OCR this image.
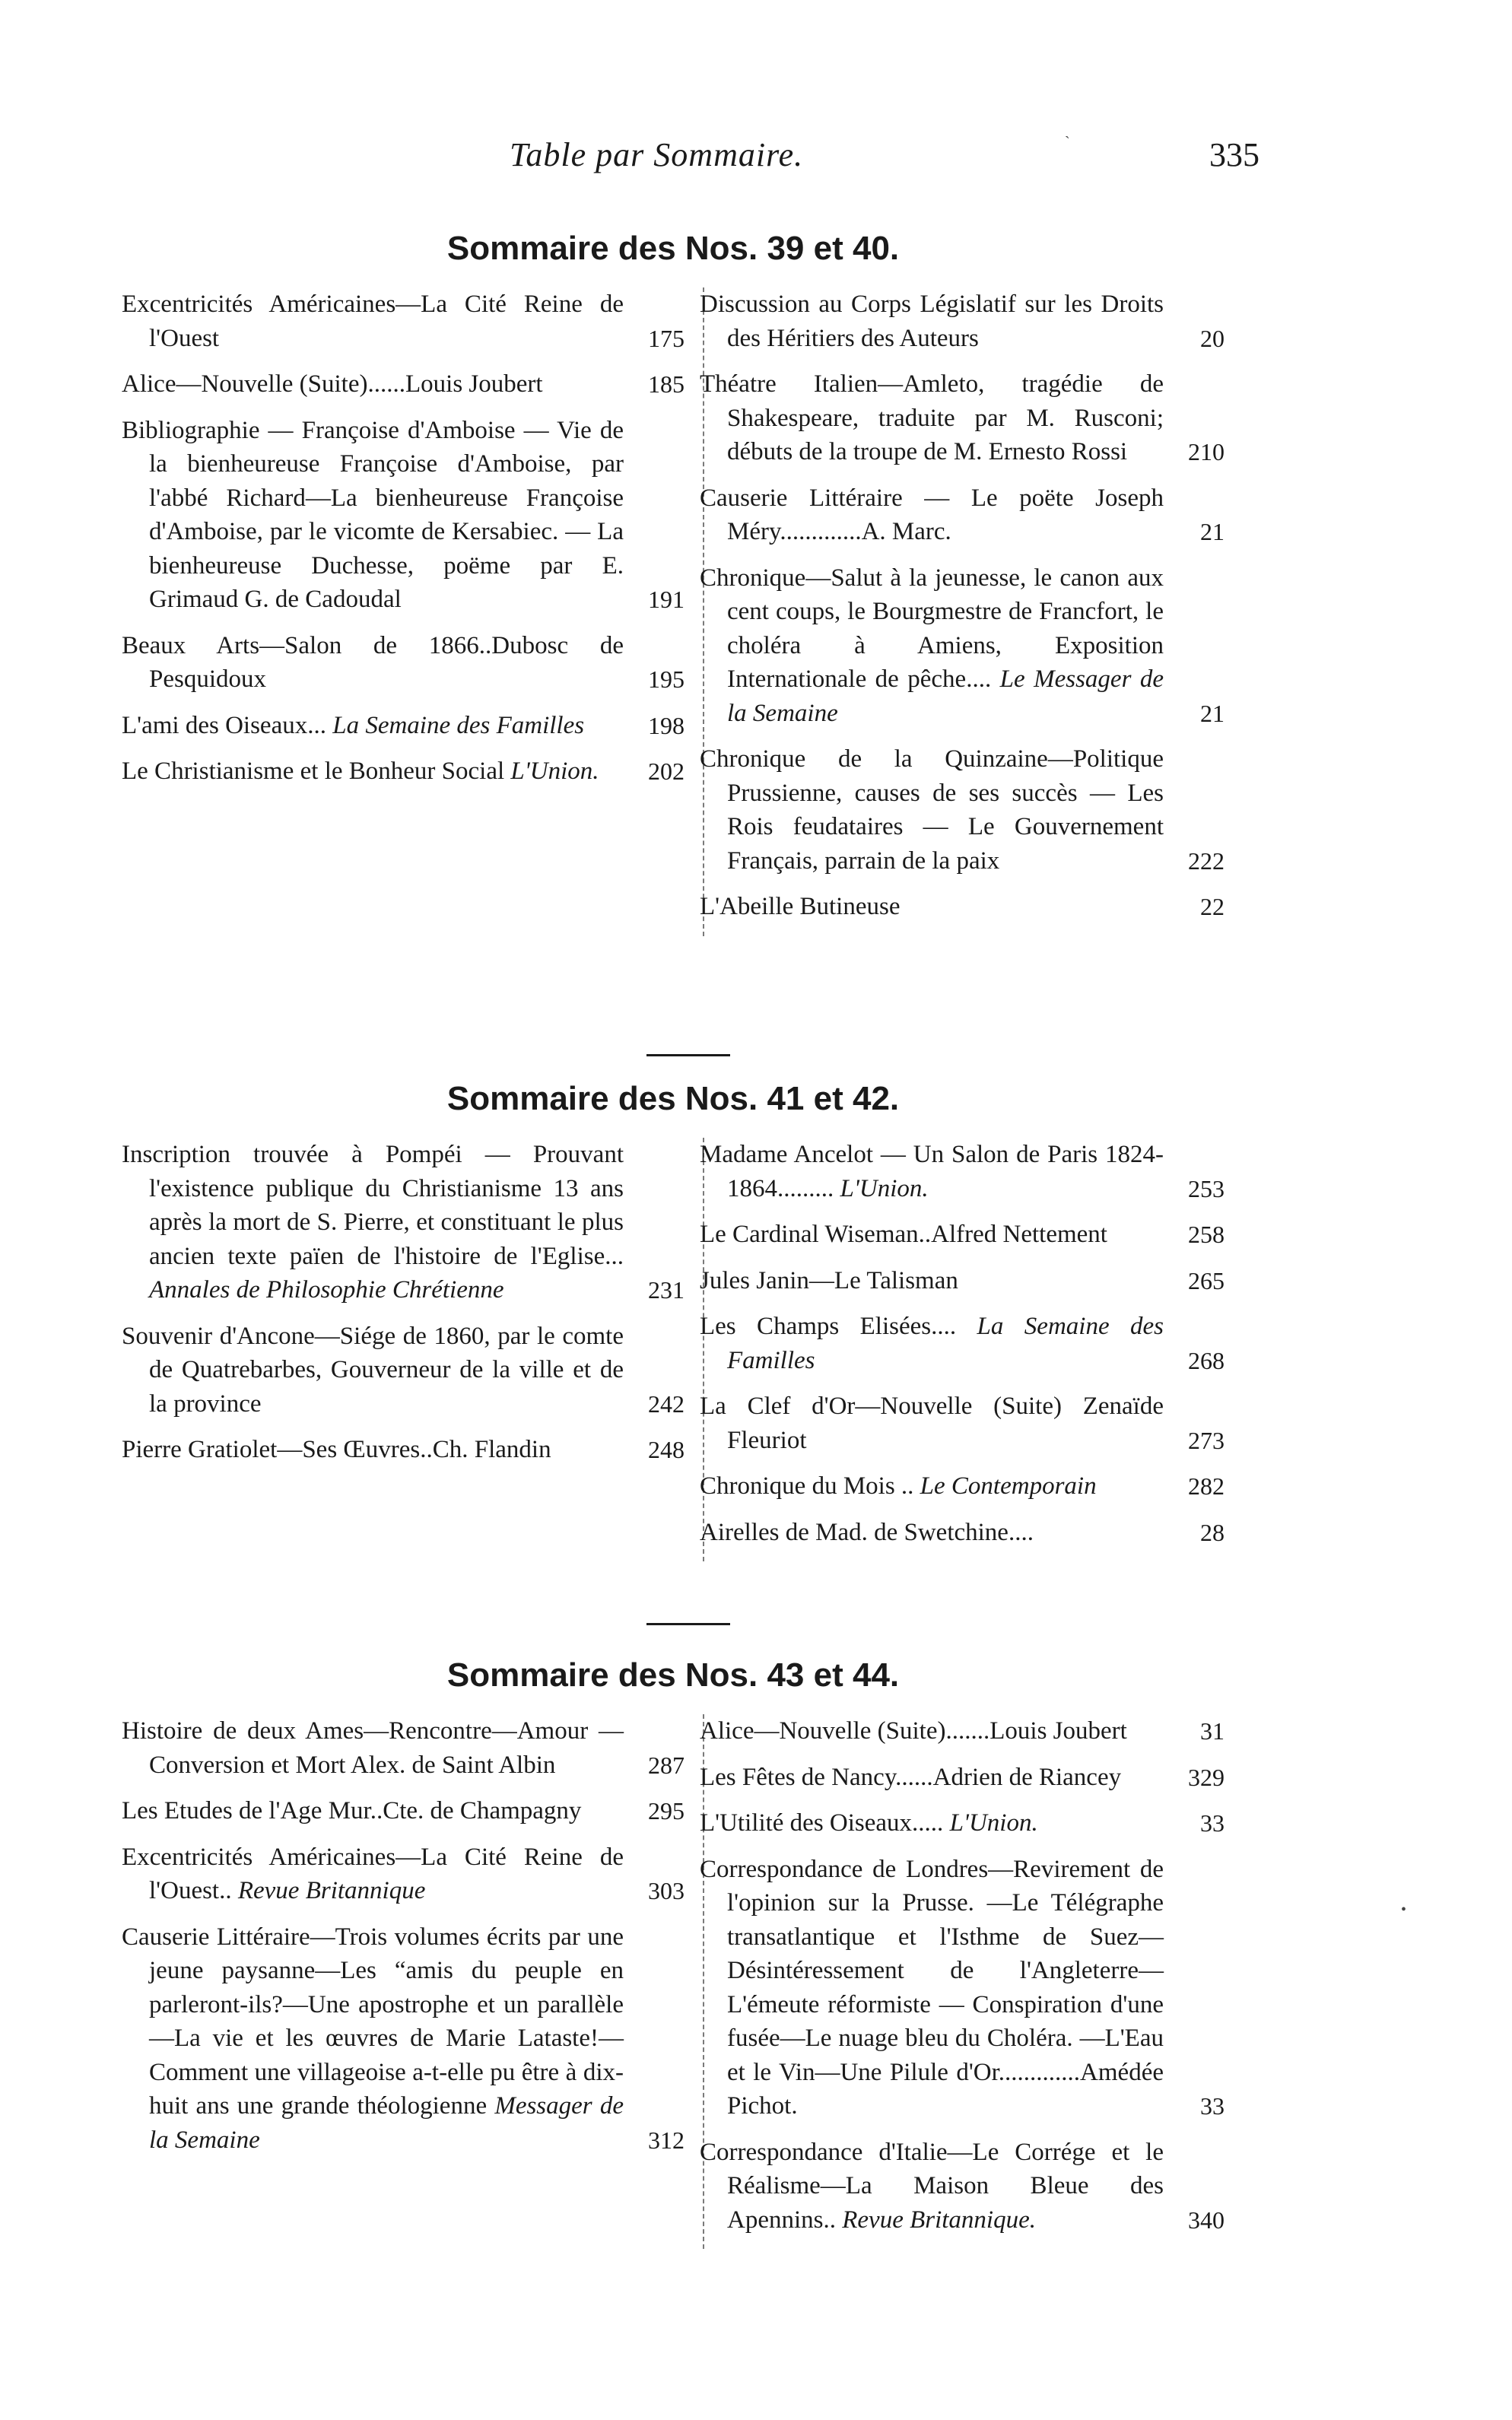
Table par Sommaire.	335
ˋ
•
Sommaire des Nos. 39 et 40.
Excentricités Américaines—La Cité Reine de l'Ouest	175
Alice—Nouvelle (Suite)......Louis Joubert	185
Bibliographie — Françoise d'Amboise — Vie de la bienheureuse Françoise d'Amboise, par l'abbé Richard—La bienheureuse Françoise d'Amboise, par le vicomte de Kersabiec. — La bienheureuse Duchesse, poëme par E. Grimaud G. de Cadoudal	191
Beaux Arts—Salon de 1866..Dubosc de Pesquidoux	195
L'ami des Oiseaux... La Semaine des Familles	198
Le Christianisme et le Bonheur Social L'Union.	202
Discussion au Corps Législatif sur les Droits des Héritiers des Auteurs	20
Théatre Italien—Amleto, tragédie de Shakespeare, traduite par M. Rusconi; débuts de la troupe de M. Ernesto Rossi	210
Causerie Littéraire — Le poëte Joseph Méry.............A. Marc.	21
Chronique—Salut à la jeunesse, le canon aux cent coups, le Bourgmestre de Francfort, le choléra à Amiens, Exposition Internationale de pêche.... Le Messager de la Semaine	21
Chronique de la Quinzaine—Politique Prussienne, causes de ses succès — Les Rois feudataires — Le Gouvernement Français, parrain de la paix	222
L'Abeille Butineuse	22
Sommaire des Nos. 41 et 42.
Inscription trouvée à Pompéi — Prouvant l'existence publique du Christianisme 13 ans après la mort de S. Pierre, et constituant le plus ancien texte païen de l'histoire de l'Eglise... Annales de Philosophie Chrétienne	231
Souvenir d'Ancone—Siége de 1860, par le comte de Quatrebarbes, Gouverneur de la ville et de la province	242
Pierre Gratiolet—Ses Œuvres..Ch. Flandin	248
Madame Ancelot — Un Salon de Paris 1824-1864......... L'Union.	253
Le Cardinal Wiseman..Alfred Nettement	258
Jules Janin—Le Talisman	265
Les Champs Elisées.... La Semaine des Familles	268
La Clef d'Or—Nouvelle (Suite) Zenaïde Fleuriot	273
Chronique du Mois .. Le Contemporain	282
Airelles de Mad. de Swetchine....	28
Sommaire des Nos. 43 et 44.
Histoire de deux Ames—Rencontre—Amour — Conversion et Mort Alex. de Saint Albin	287
Les Etudes de l'Age Mur..Cte. de Champagny	295
Excentricités Américaines—La Cité Reine de l'Ouest.. Revue Britannique	303
Causerie Littéraire—Trois volumes écrits par une jeune paysanne—Les “amis du peuple en parleront-ils?—Une apostrophe et un parallèle—La vie et les œuvres de Marie Lataste!— Comment une villageoise a-t-elle pu être à dix-huit ans une grande théologienne Messager de la Semaine	312
Alice—Nouvelle (Suite).......Louis Joubert	31
Les Fêtes de Nancy......Adrien de Riancey	329
L'Utilité des Oiseaux..... L'Union.	33
Correspondance de Londres—Revirement de l'opinion sur la Prusse. —Le Télégraphe transatlantique et l'Isthme de Suez—Désintéressement de l'Angleterre—L'émeute réformiste — Conspiration d'une fusée—Le nuage bleu du Choléra. —L'Eau et le Vin—Une Pilule d'Or.............Amédée Pichot.	33
Correspondance d'Italie—Le Corrége et le Réalisme—La Maison Bleue des Apennins.. Revue Britannique.	340
